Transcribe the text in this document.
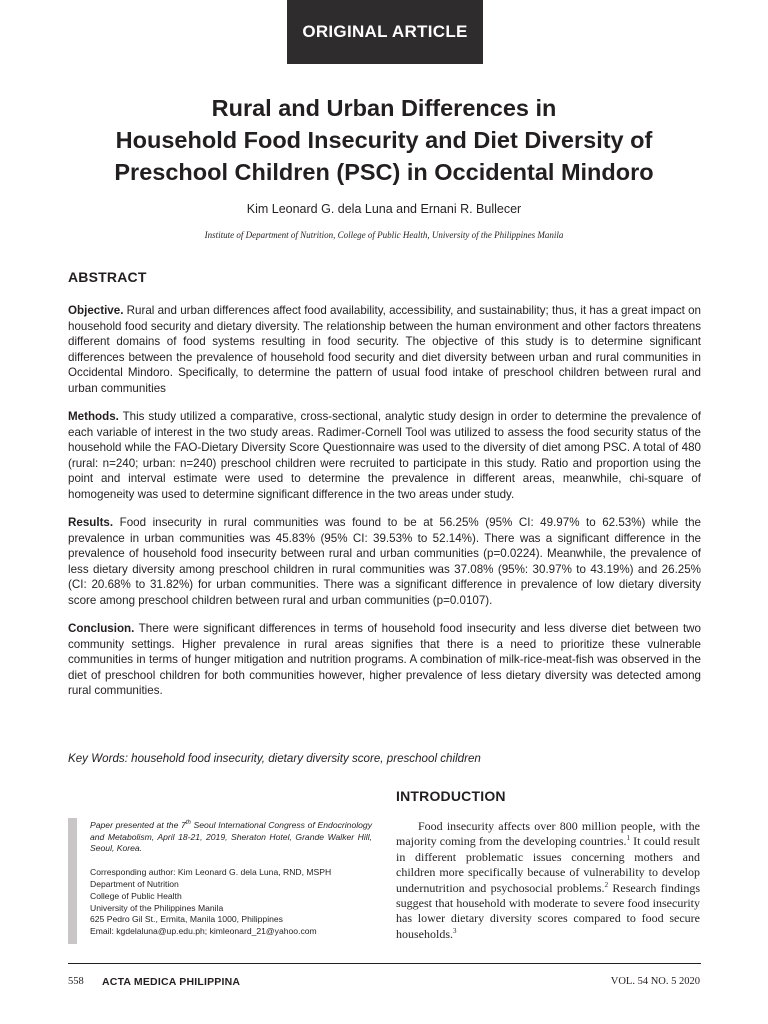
ORIGINAL ARTICLE
Rural and Urban Differences in
Household Food Insecurity and Diet Diversity of
Preschool Children (PSC) in Occidental Mindoro
Kim Leonard G. dela Luna and Ernani R. Bullecer
Institute of Department of Nutrition, College of Public Health, University of the Philippines Manila
ABSTRACT

Objective. Rural and urban differences affect food availability, accessibility, and sustainability; thus, it has a great impact on household food security and dietary diversity. The relationship between the human environment and other factors threatens different domains of food systems resulting in food security. The objective of this study is to determine significant differences between the prevalence of household food security and diet diversity between urban and rural communities in Occidental Mindoro. Specifically, to determine the pattern of usual food intake of preschool children between rural and urban communities

Methods. This study utilized a comparative, cross-sectional, analytic study design in order to determine the prevalence of each variable of interest in the two study areas. Radimer-Cornell Tool was utilized to assess the food security status of the household while the FAO-Dietary Diversity Score Questionnaire was used to the diversity of diet among PSC. A total of 480 (rural: n=240; urban: n=240) preschool children were recruited to participate in this study. Ratio and proportion using the point and interval estimate were used to determine the prevalence in different areas, meanwhile, chi-square of homogeneity was used to determine significant difference in the two areas under study.

Results. Food insecurity in rural communities was found to be at 56.25% (95% CI: 49.97% to 62.53%) while the prevalence in urban communities was 45.83% (95% CI: 39.53% to 52.14%). There was a significant difference in the prevalence of household food insecurity between rural and urban communities (p=0.0224). Meanwhile, the prevalence of less dietary diversity among preschool children in rural communities was 37.08% (95%: 30.97% to 43.19%) and 26.25% (CI: 20.68% to 31.82%) for urban communities. There was a significant difference in prevalence of low dietary diversity score among preschool children between rural and urban communities (p=0.0107).

Conclusion. There were significant differences in terms of household food insecurity and less diverse diet between two community settings. Higher prevalence in rural areas signifies that there is a need to prioritize these vulnerable communities in terms of hunger mitigation and nutrition programs. A combination of milk-rice-meat-fish was observed in the diet of preschool children for both communities however, higher prevalence of less dietary diversity was detected among rural communities.

Key Words: household food insecurity, dietary diversity score, preschool children
Paper presented at the 7th Seoul International Congress of Endocrinology and Metabolism, April 18-21, 2019, Sheraton Hotel, Grande Walker Hill, Seoul, Korea.
Corresponding author: Kim Leonard G. dela Luna, RND, MSPH
Department of Nutrition
College of Public Health
University of the Philippines Manila
625 Pedro Gil St., Ermita, Manila 1000, Philippines
Email: kgdelaluna@up.edu.ph; kimleonard_21@yahoo.com
INTRODUCTION

Food insecurity affects over 800 million people, with the majority coming from the developing countries.$^1$ It could result in different problematic issues concerning mothers and children more specifically because of vulnerability to develop undernutrition and psychosocial problems.$^2$ Research findings suggest that household with moderate to severe food insecurity has lower dietary diversity scores compared to food secure households.$^3$

558 ACTA MEDICA PHILIPPINA	VOL. 54 NO. 5 2020
